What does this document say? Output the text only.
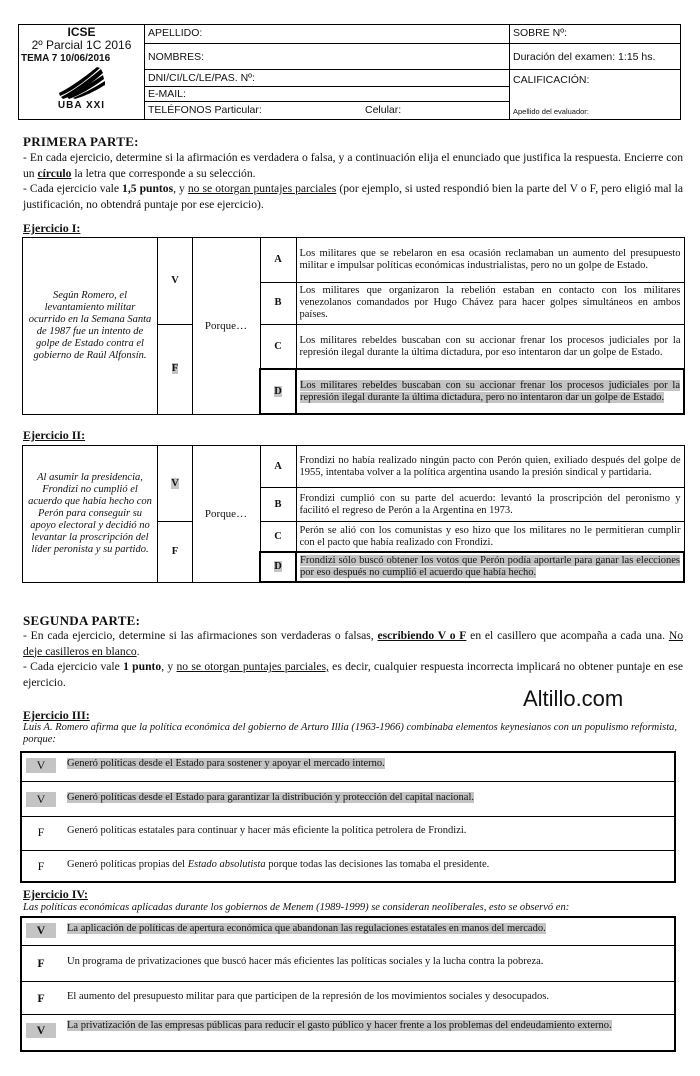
ICSE
2º Parcial 1C 2016
TEMA 7 10/06/2016
UBA XXI
APELLIDO:
NOMBRES:
DNI/CI/LC/LE/PAS. Nº:
E-MAIL:
TELÉFONOS Particular:	Celular:
SOBRE Nº:
Duración del examen: 1:15 hs.
CALIFICACIÓN:
Apellido del evaluador:
PRIMERA PARTE:
- En cada ejercicio, determine si la afirmación es verdadera o falsa, y a continuación elija el enunciado que justifica la respuesta. Encierre con un círculo la letra que corresponde a su selección.
- Cada ejercicio vale 1,5 puntos, y no se otorgan puntajes parciales (por ejemplo, si usted respondió bien la parte del V o F, pero eligió mal la justificación, no obtendrá puntaje por ese ejercicio).
Ejercicio I:
Según Romero, el levantamiento militar ocurrido en la Semana Santa de 1987 fue un intento de golpe de Estado contra el gobierno de Raúl Alfonsín.	V	Porque…	A	Los militares que se rebelaron en esa ocasión reclamaban un aumento del presupuesto militar e impulsar políticas económicas industrialistas, pero no un golpe de Estado.
			B	Los militares que organizaron la rebelión estaban en contacto con los militares venezolanos comandados por Hugo Chávez para hacer golpes simultáneos en ambos países.
	F		C	Los militares rebeldes buscaban con su accionar frenar los procesos judiciales por la represión ilegal durante la última dictadura, por eso intentaron dar un golpe de Estado.
			D	Los militares rebeldes buscaban con su accionar frenar los procesos judiciales por la represión ilegal durante la última dictadura, pero no intentaron dar un golpe de Estado.
Ejercicio II:
Al asumir la presidencia, Frondizi no cumplió el acuerdo que había hecho con Perón para conseguir su apoyo electoral y decidió no levantar la proscripción del líder peronista y su partido.	V	Porque…	A	Frondizi no había realizado ningún pacto con Perón quien, exiliado después del golpe de 1955, intentaba volver a la política argentina usando la presión sindical y partidaria.
			B	Frondizi cumplió con su parte del acuerdo: levantó la proscripción del peronismo y facilitó el regreso de Perón a la Argentina en 1973.
	F		C	Perón se alió con los comunistas y eso hizo que los militares no le permitieran cumplir con el pacto que había realizado con Frondizi.
			D	Frondizi sólo buscó obtener los votos que Perón podía aportarle para ganar las elecciones por eso después no cumplió el acuerdo que había hecho.
SEGUNDA PARTE:
- En cada ejercicio, determine si las afirmaciones son verdaderas o falsas, escribiendo V o F en el casillero que acompaña a cada una. No deje casilleros en blanco.
- Cada ejercicio vale 1 punto, y no se otorgan puntajes parciales, es decir, cualquier respuesta incorrecta implicará no obtener puntaje en ese ejercicio.
Altillo.com
Ejercicio III:
Luis A. Romero afirma que la política económica del gobierno de Arturo Illia (1963-1966) combinaba elementos keynesianos con un populismo reformista, porque:
V	Generó políticas desde el Estado para sostener y apoyar el mercado interno.
V	Generó políticas desde el Estado para garantizar la distribución y protección del capital nacional.
F	Generó políticas estatales para continuar y hacer más eficiente la política petrolera de Frondizi.
F	Generó políticas propias del Estado absolutista porque todas las decisiones las tomaba el presidente.
Ejercicio IV:
Las políticas económicas aplicadas durante los gobiernos de Menem (1989-1999) se consideran neoliberales, esto se observó en:
V	La aplicación de políticas de apertura económica que abandonan las regulaciones estatales en manos del mercado.
F	Un programa de privatizaciones que buscó hacer más eficientes las políticas sociales y la lucha contra la pobreza.
F	El aumento del presupuesto militar para que participen de la represión de los movimientos sociales y desocupados.
V	La privatización de las empresas públicas para reducir el gasto público y hacer frente a los problemas del endeudamiento externo.
